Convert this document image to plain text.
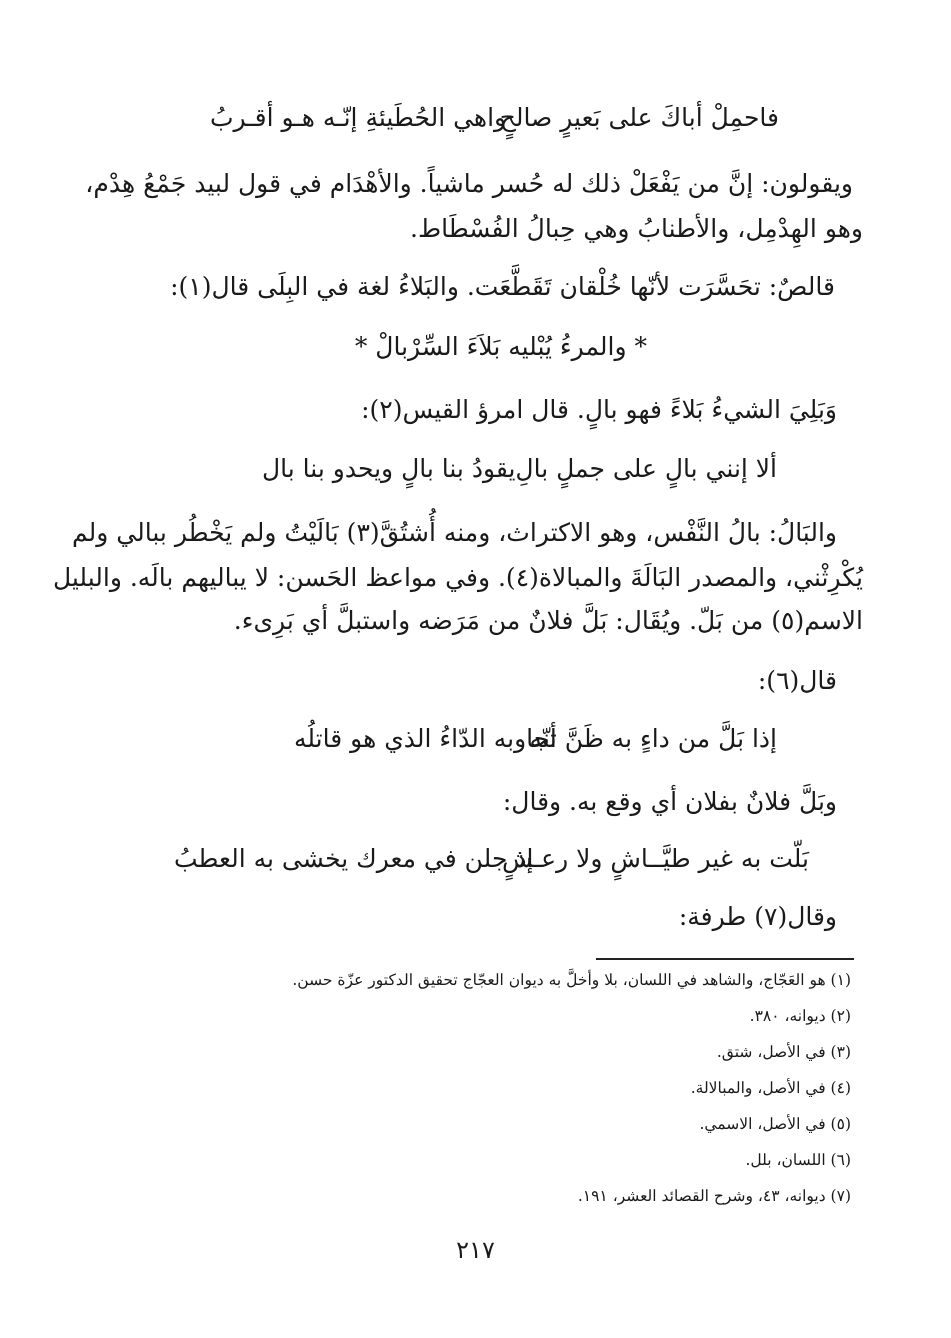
فاحمِلْ أباكَ على بَعيرٍ صالحٍ
واهي الحُطَيئةِ إنّـه هـو أقـربُ
ويقولون: إنَّ من يَفْعَلْ ذلك له حُسر ماشياً. والأهْدَام في قول لبيد جَمْعُ هِدْم،
وهو الهِدْمِل، والأطنابُ وهي حِبالُ الفُسْطَاط.
قالصٌ: تحَسَّرَت لأنّها خُلْقان تَقَطَّعَت. والبَلاءُ لغة في البِلَى قال(١):
* والمرءُ يُبْليه بَلاَءَ السِّرْبالْ *
وَبَلِيَ الشيءُ بَلاءً فهو بالٍ. قال امرؤ القيس(٢):
ألا إنني بالٍ على جملٍ بالِ
يقودُ بنا بالٍ ويحدو بنا بال
والبَالُ: بالُ النَّفْس، وهو الاكتراث، ومنه أُشتُقَّ(٣) بَالَيْتُ ولم يَخْطُر ببالي ولم
يُكْرِثْني، والمصدر البَالَةَ والمبالاة(٤). وفي مواعظ الحَسن: لا يباليهم بالَه. والبليل
الاسم(٥) من بَلّ. ويُقَال: بَلَّ فلانٌ من مَرَضه واستبلَّ أي بَرِىء.
قال(٦):
إذا بَلَّ من داءٍ به ظَنَّ أنّه
تجاوبه الدّاءُ الذي هو قاتلُه
وبَلَّ فلانٌ بفلان أي وقع به. وقال:
بَلّت به غير طيَّــاشٍ ولا رعـشٍ
إذ جلن في معرك يخشى به العطبُ
وقال(٧) طرفة:
(١) هو العَجّاج، والشاهد في اللسان، بلا وأخلَّ به ديوان العجّاج تحقيق الدكتور عزّة حسن.
(٢) ديوانه، ٣٨٠.
(٣) في الأصل، شتق.
(٤) في الأصل، والمبالالة.
(٥) في الأصل، الاسمي.
(٦) اللسان، بلل.
(٧) ديوانه، ٤٣، وشرح القصائد العشر، ١٩١.
٢١٧
